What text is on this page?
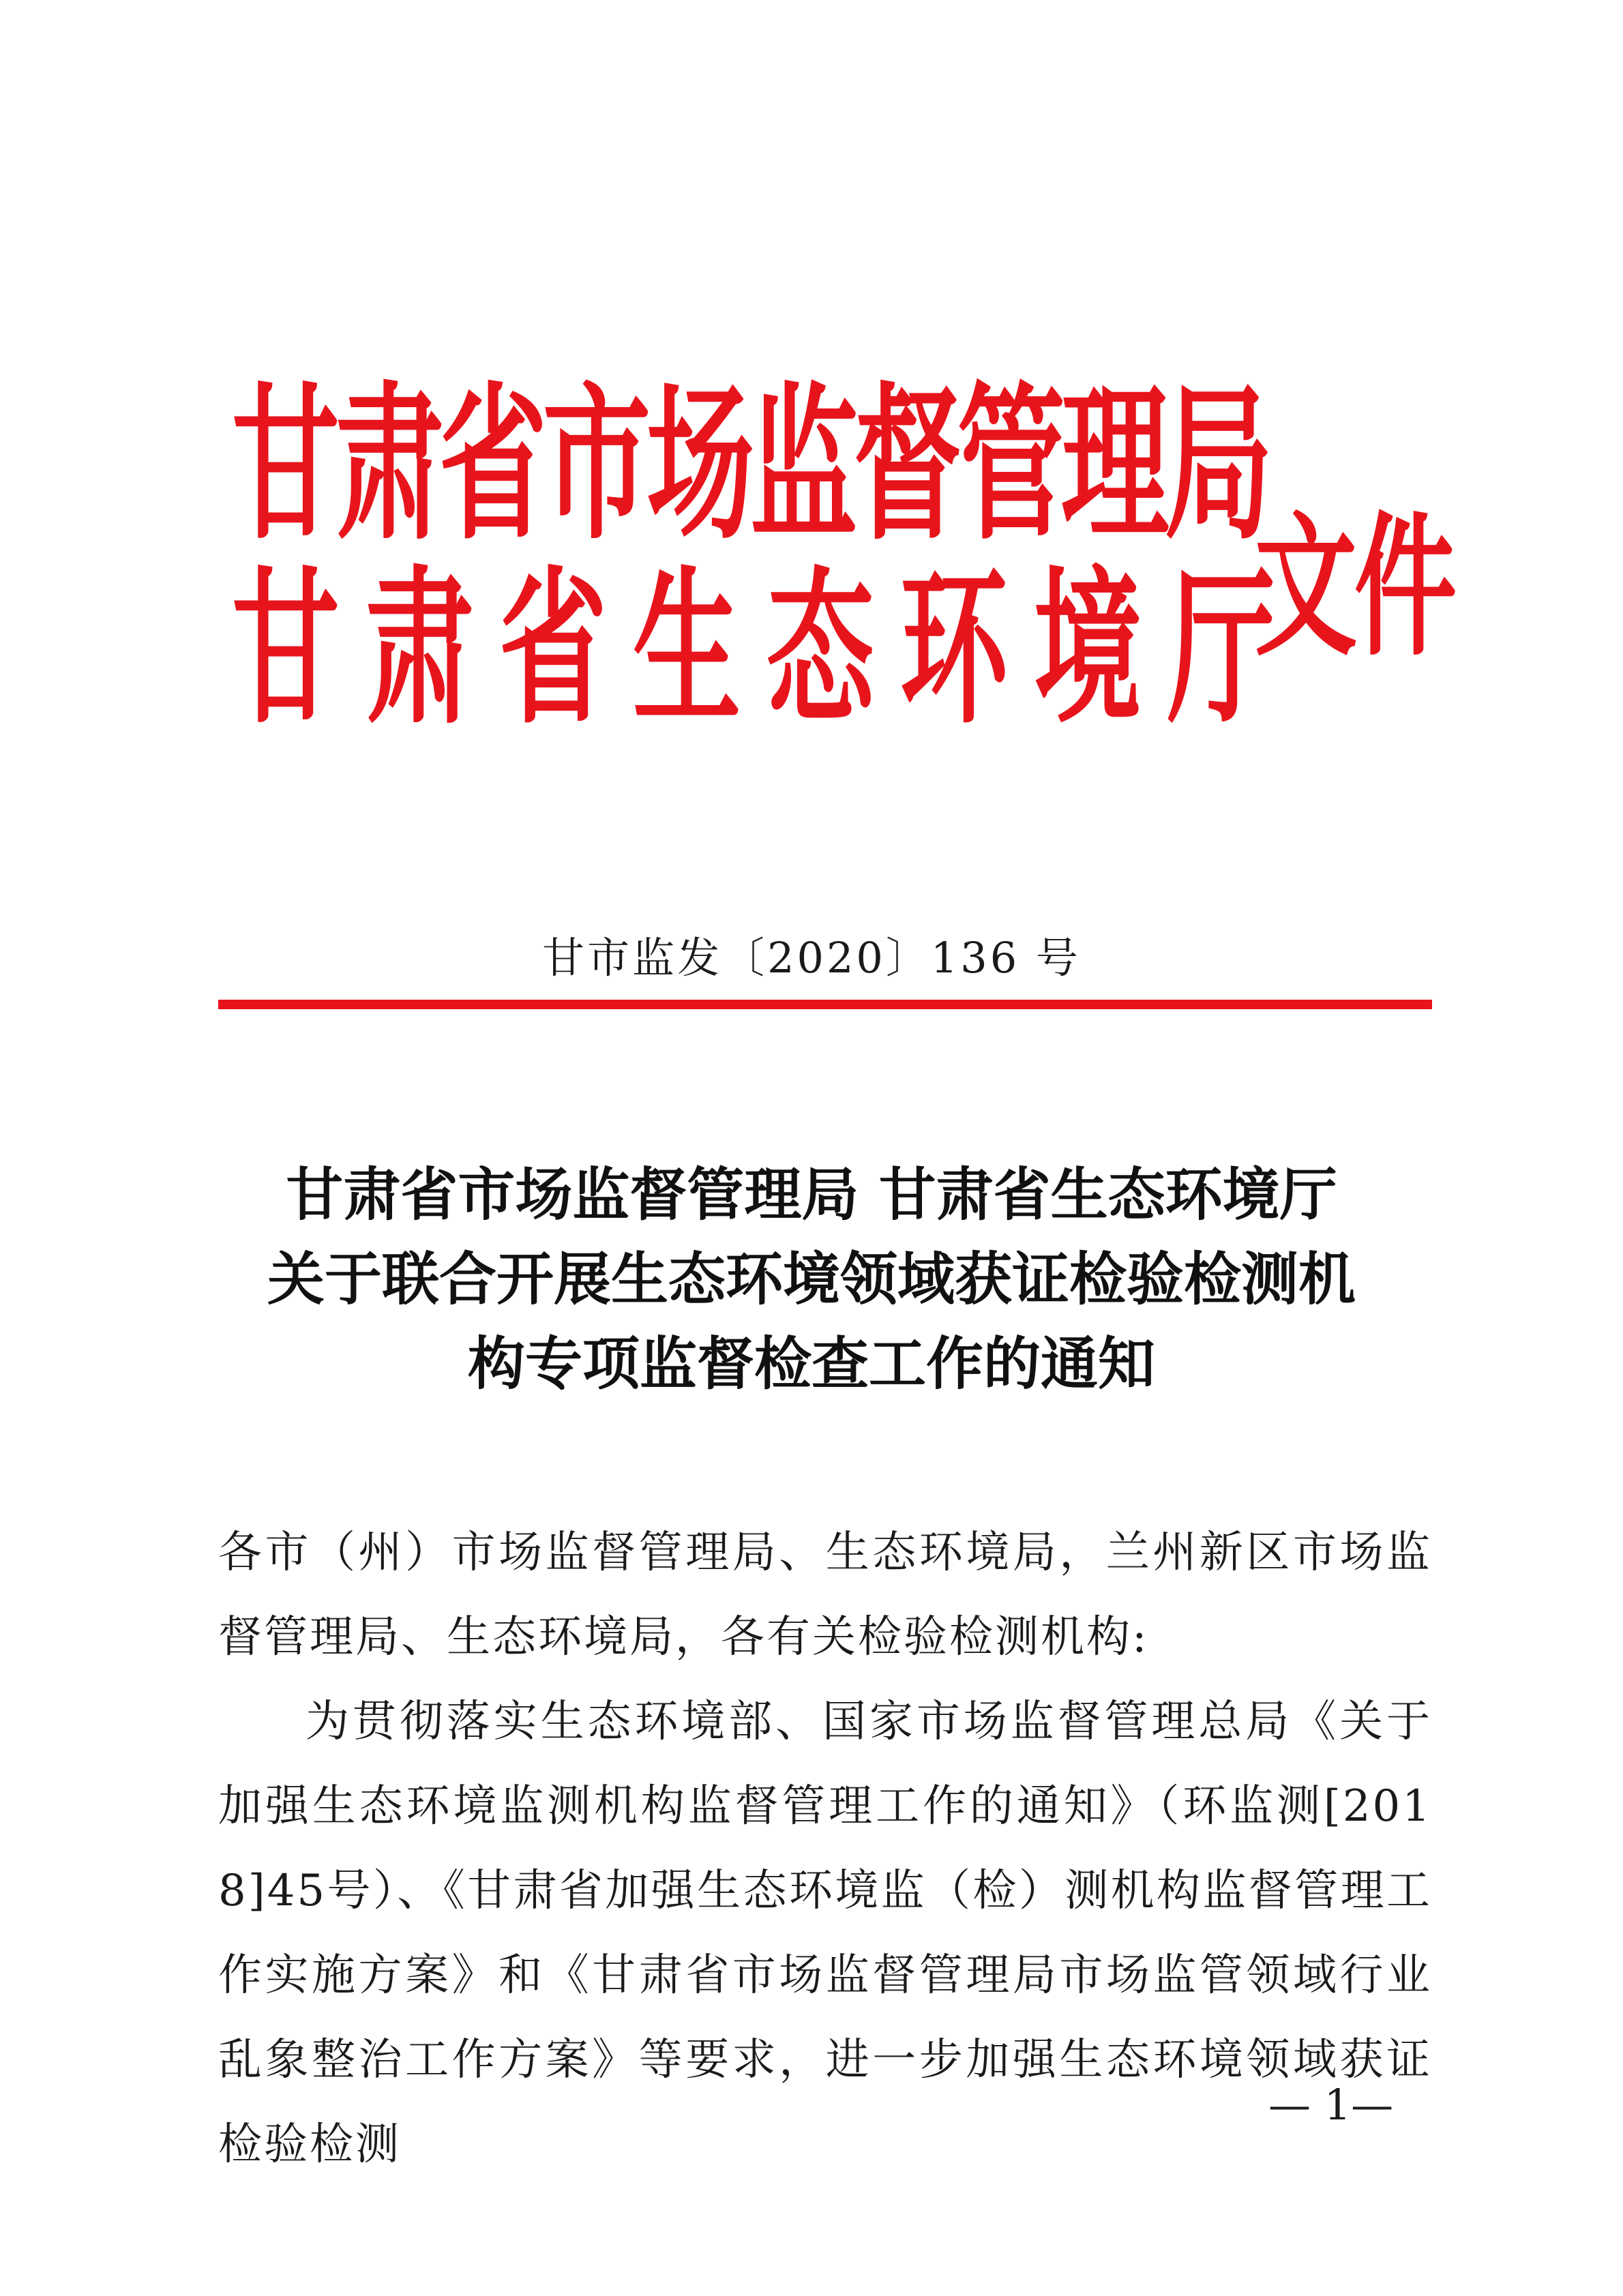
甘肃省市场监督管理局
甘肃省生态环境厅
文件
甘市监发〔2020〕136 号
甘肃省市场监督管理局 甘肃省生态环境厅
关于联合开展生态环境领域获证检验检测机
构专项监督检查工作的通知

各市（州）市场监督管理局、生态环境局，兰州新区市场监督管理局、生态环境局，各有关检验检测机构:

为贯彻落实生态环境部、国家市场监督管理总局《关于加强生态环境监测机构监督管理工作的通知》（环监测[2018]45号）、《甘肃省加强生态环境监（检）测机构监督管理工作实施方案》和《甘肃省市场监督管理局市场监管领域行业乱象整治工作方案》等要求，进一步加强生态环境领域获证检验检测

— 1—
